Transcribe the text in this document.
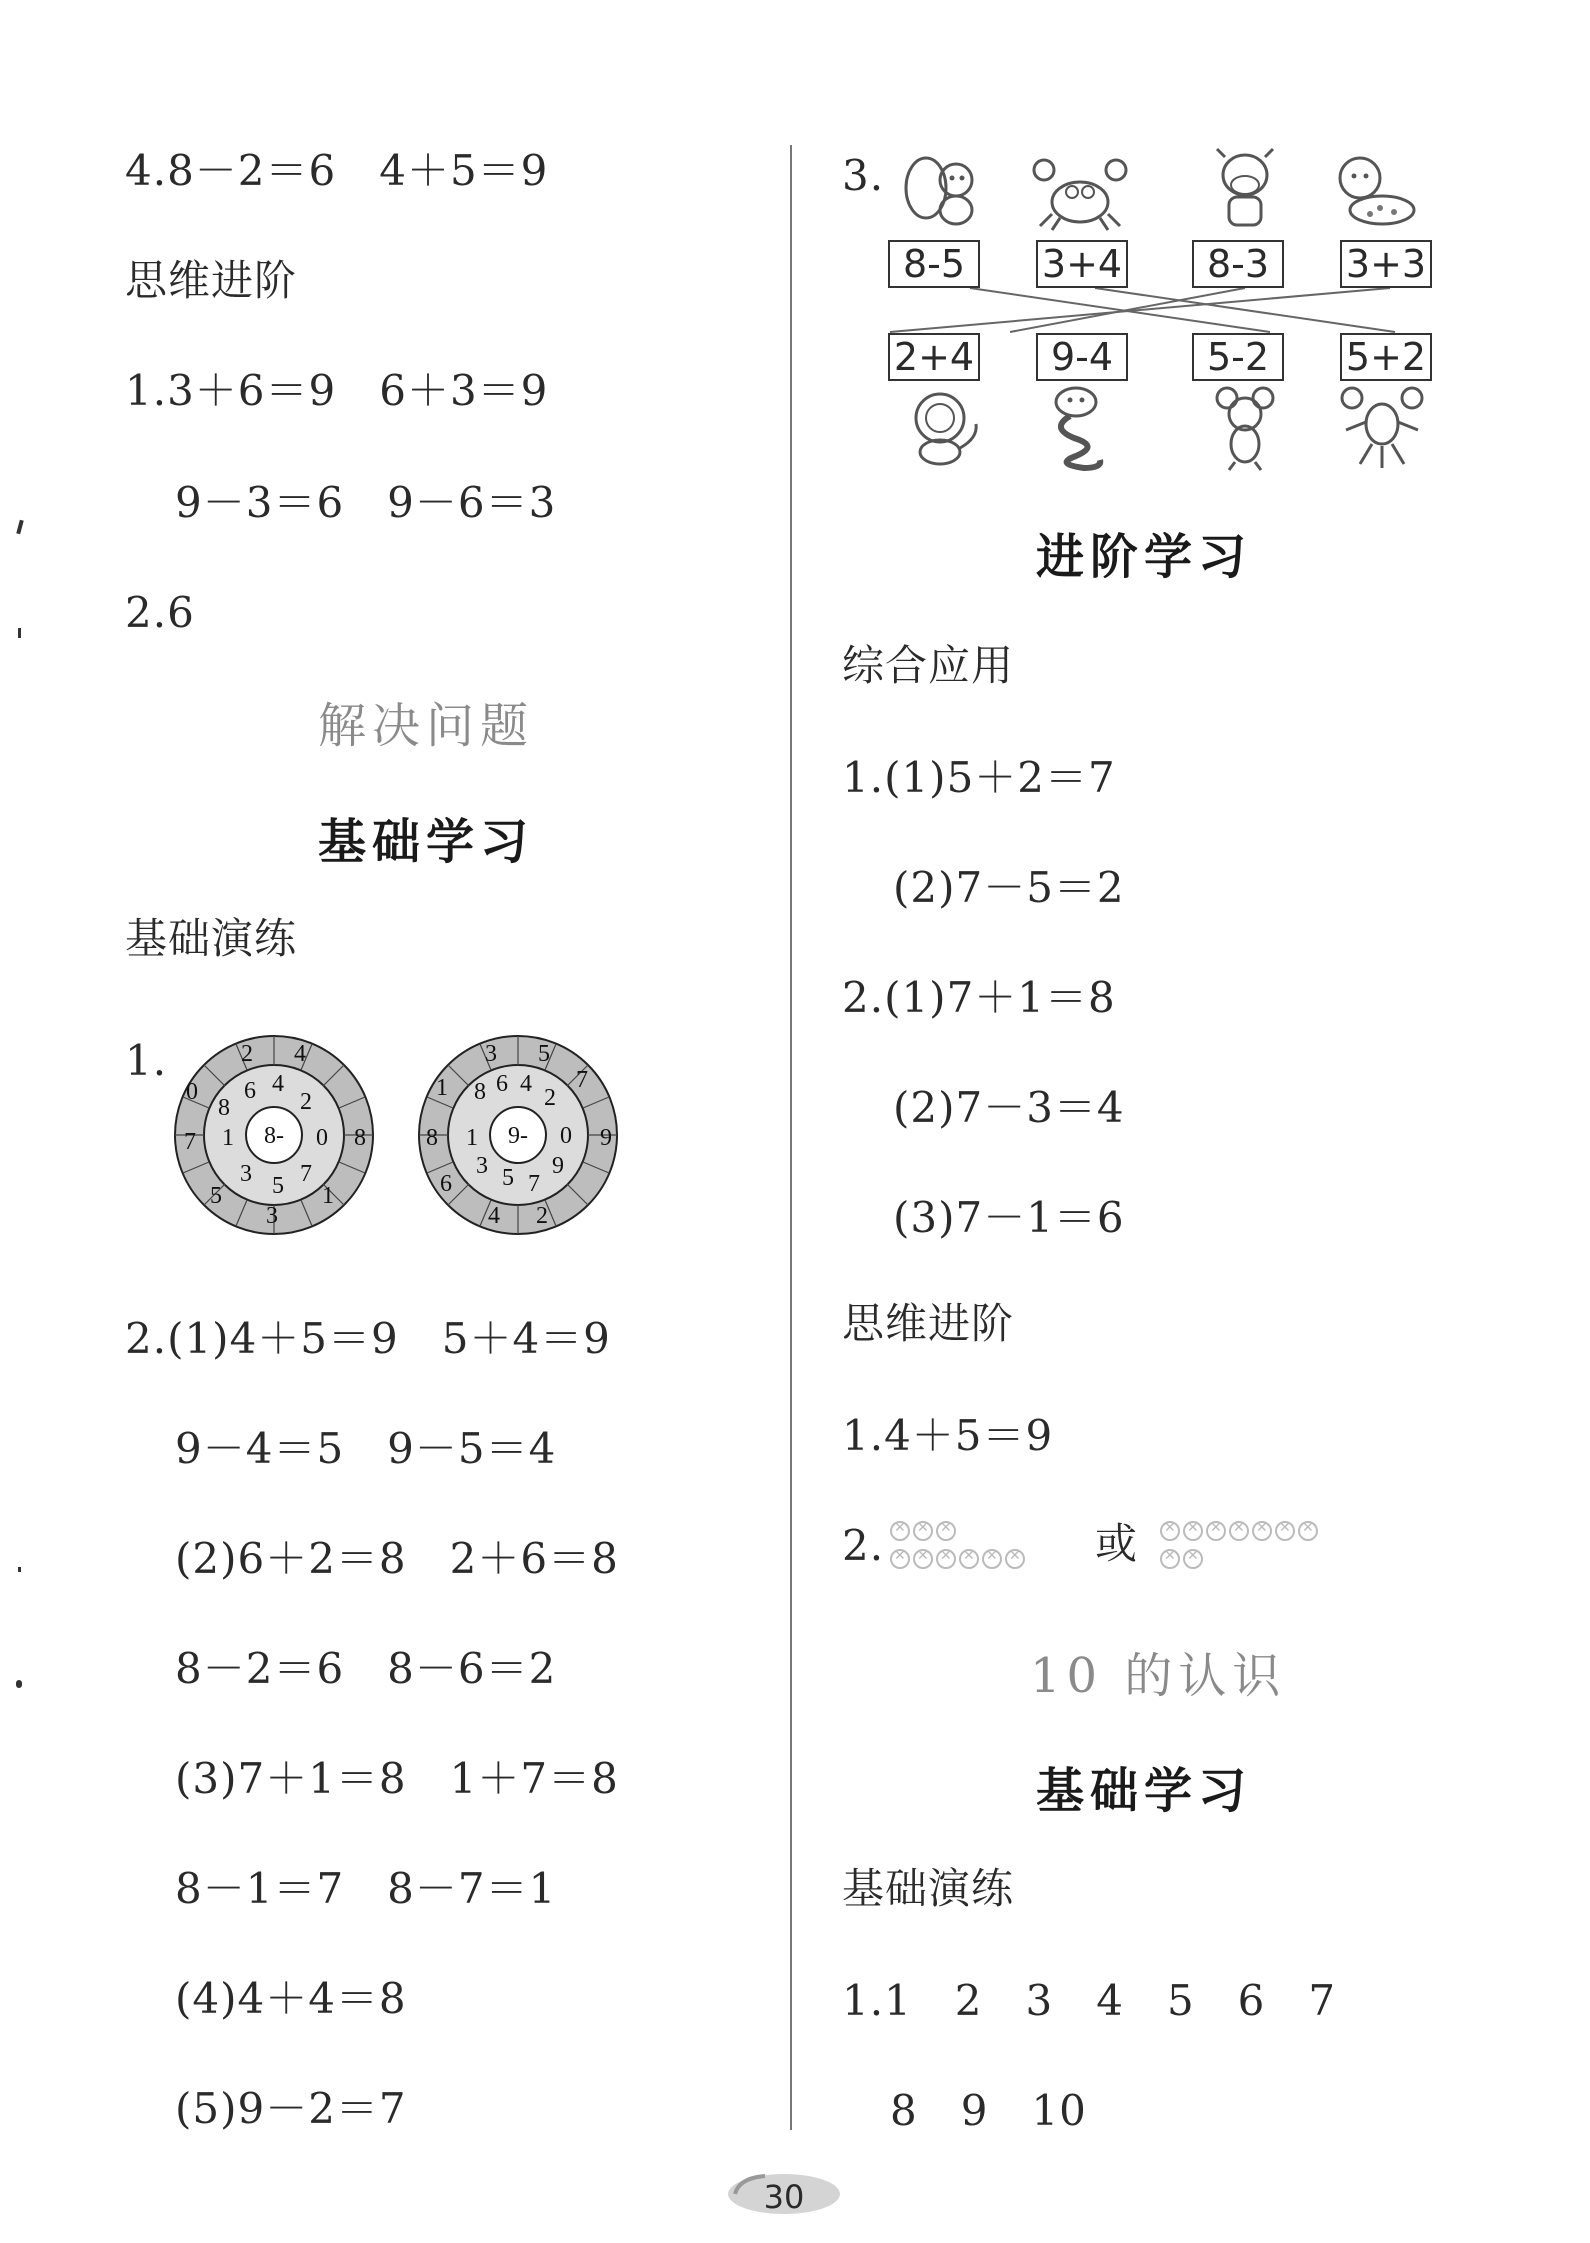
4.8－2＝6　4＋5＝9
思维进阶
1.3＋6＝9　6＋3＝9
9－3＝6　9－6＝3
2.6
解决问题
基础学习
基础演练
1.
8-
8
6 4
2
0
7
5
3
1
2 4
0
8
7
5
3
1
9-
8 6 4
2
0
9
7
5
3
1
3 5
7
9
1
8
6
4 2
2.(1)4＋5＝9　5＋4＝9
9－4＝5　9－5＝4
(2)6＋2＝8　2＋6＝8
8－2＝6　8－6＝2
(3)7＋1＝8　1＋7＝8
8－1＝7　8－7＝1
(4)4＋4＝8
(5)9－2＝7
3.
8-5	3+4	8-3	3+3
2+4	9-4	5-2	5+2
进阶学习
综合应用
1.(1)5＋2＝7
(2)7－5＝2
2.(1)7＋1＝8
(2)7－3＝4
(3)7－1＝6
思维进阶
1.4＋5＝9
2. ✕ ✕ ✕
✕✕✕✕✕✕	或
✕✕✕✕✕✕✕
✕✕
10 的认识
基础学习
基础演练
1.1　2　3　4　5　6　7
8　9　10
30
